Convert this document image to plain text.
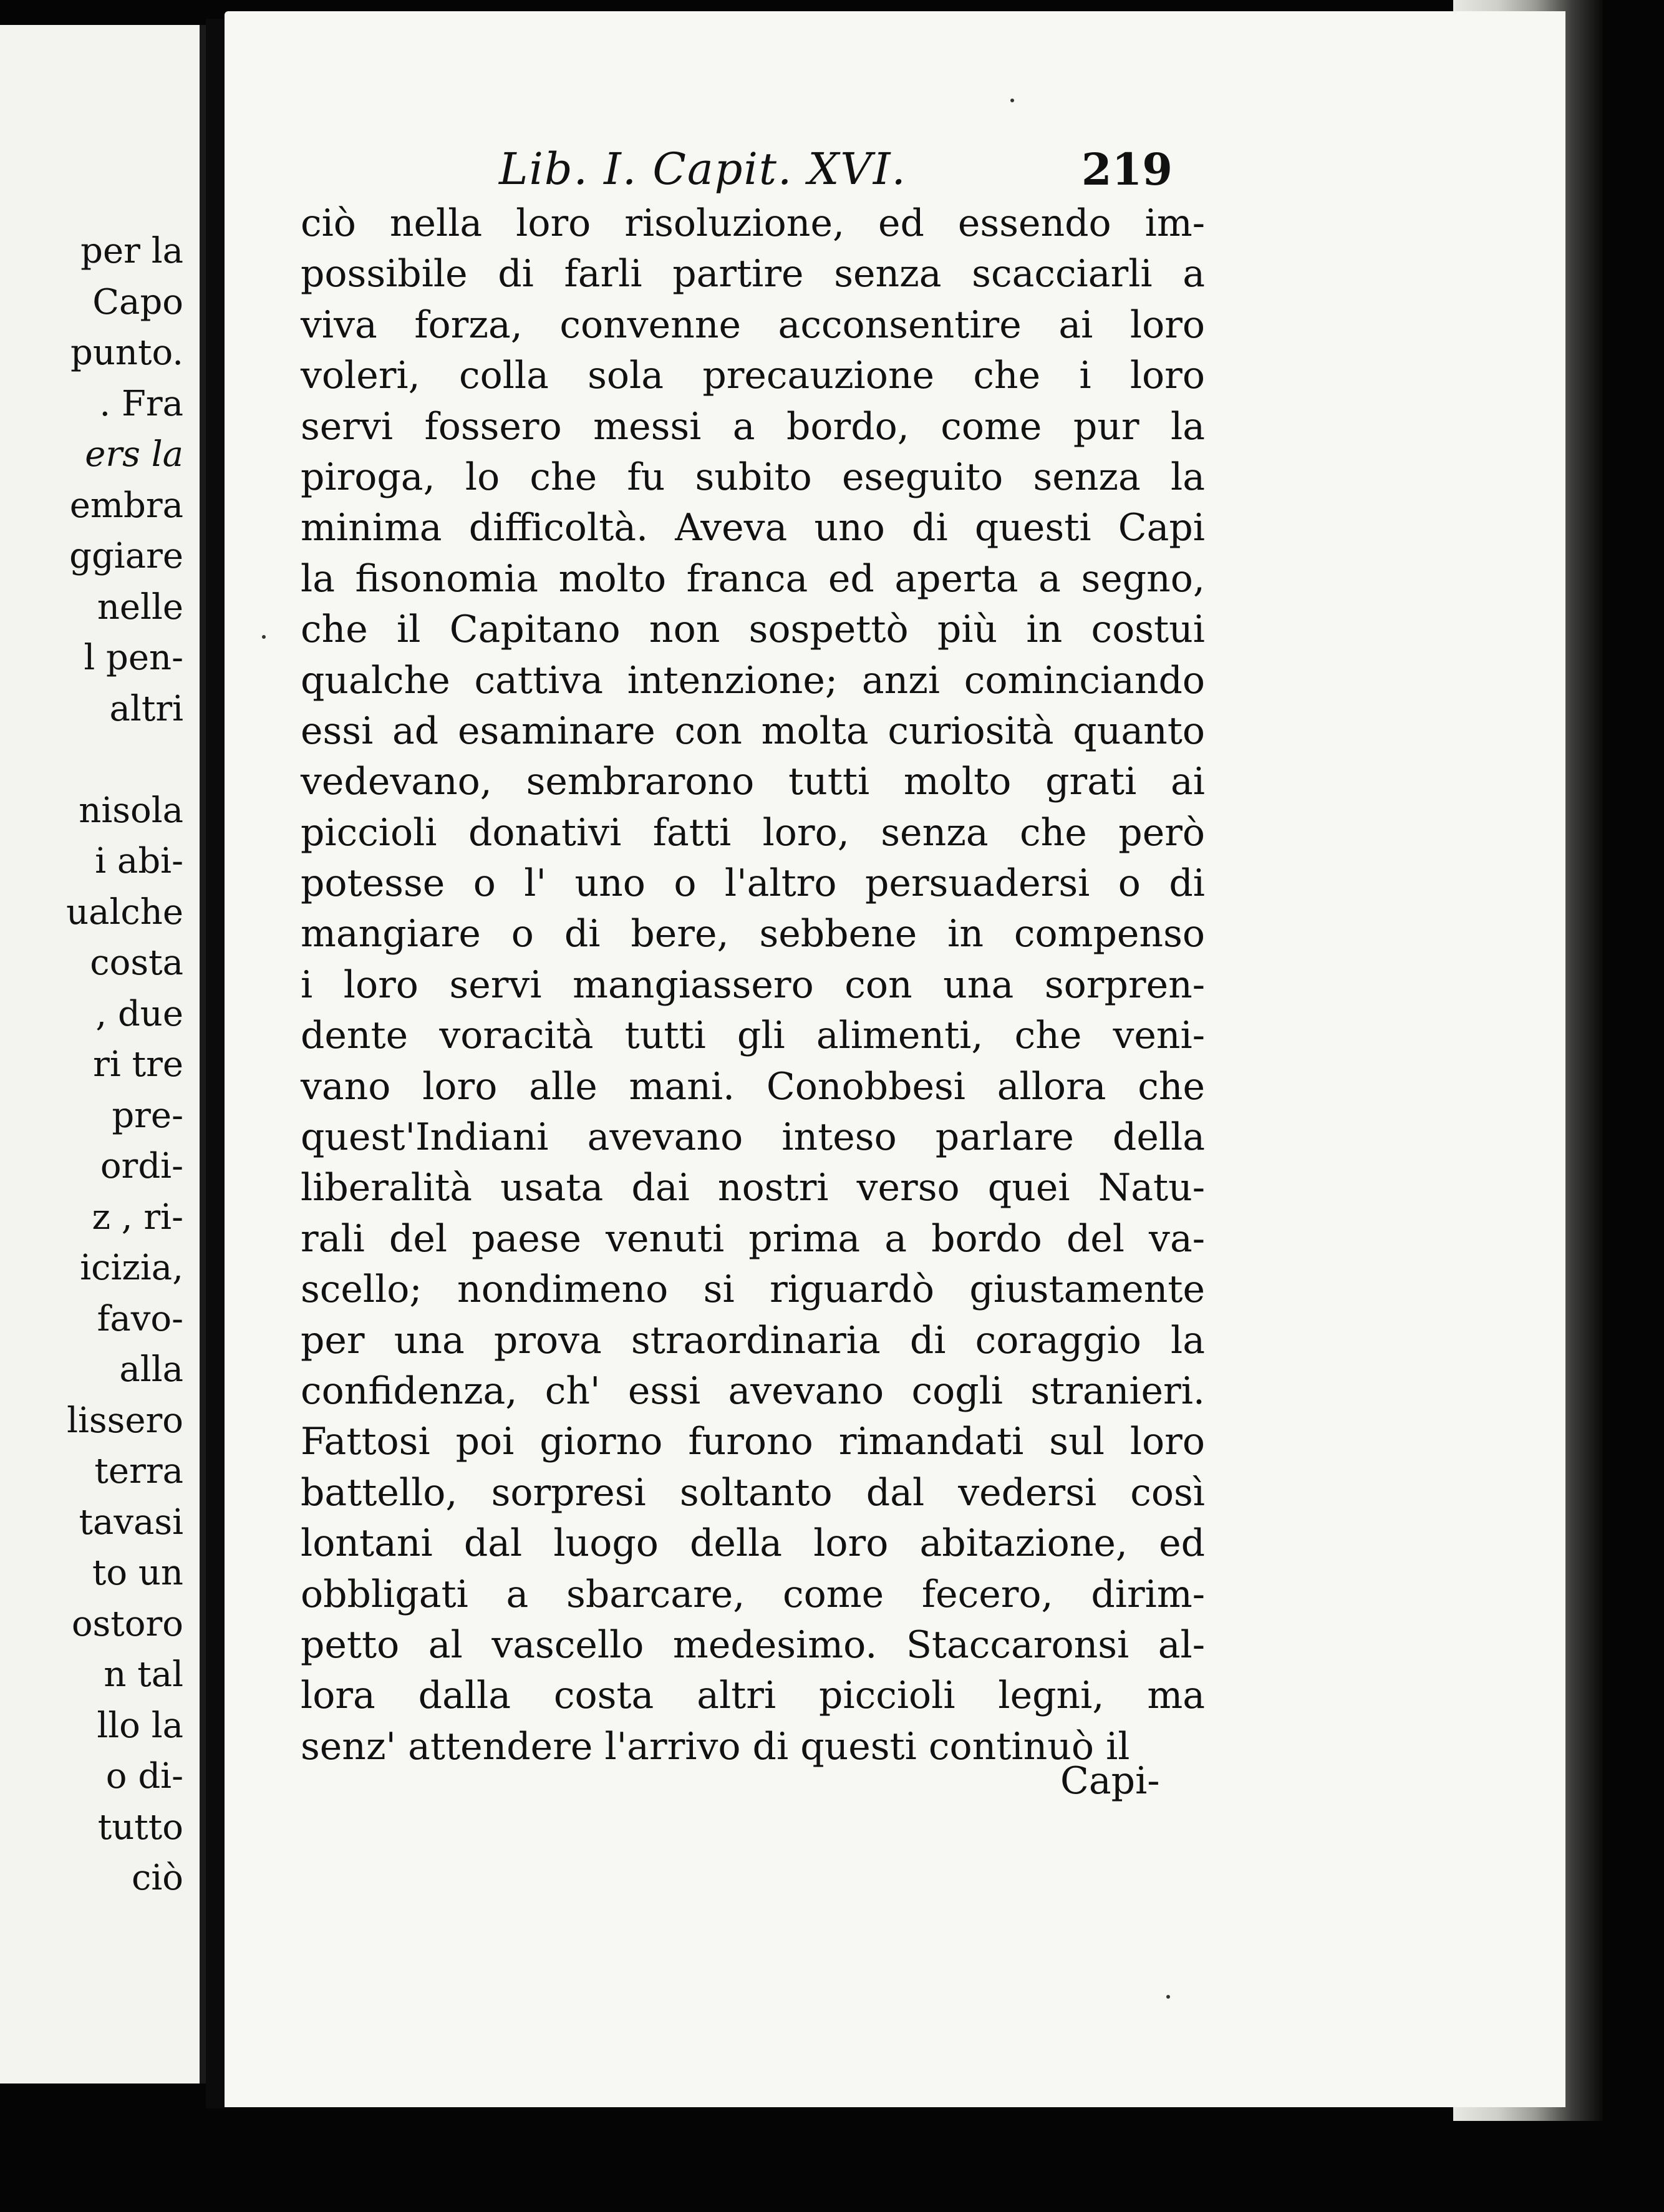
per la
Capo
punto.
. Fra
ers la
embra
ggiare
nelle
l pen-
altri
nisola
i abi-
ualche
costa
, due
ri tre
pre-
ordi-
z , ri-
icizia,
favo-
alla
lissero
terra
tavasi
to un
ostoro
n tal
llo la
o di-
tutto
ciò
Lib. I. Capit. XVI.	219
ciò nella loro risoluzione, ed essendo im-
possibile di farli partire senza scacciarli a
viva forza, convenne acconsentire ai loro
voleri, colla sola precauzione che i loro
servi fossero messi a bordo, come pur la
piroga, lo che fu subito eseguito senza la
minima difficoltà. Aveva uno di questi Capi
la fisonomia molto franca ed aperta a segno,
che il Capitano non sospettò più in costui
qualche cattiva intenzione; anzi cominciando
essi ad esaminare con molta curiosità quanto
vedevano, sembrarono tutti molto grati ai
piccioli donativi fatti loro, senza che però
potesse o l' uno o l'altro persuadersi o di
mangiare o di bere, sebbene in compenso
i loro servi mangiassero con una sorpren-
dente voracità tutti gli alimenti, che veni-
vano loro alle mani. Conobbesi allora che
quest'Indiani avevano inteso parlare della
liberalità usata dai nostri verso quei Natu-
rali del paese venuti prima a bordo del va-
scello; nondimeno si riguardò giustamente
per una prova straordinaria di coraggio la
confidenza, ch' essi avevano cogli stranieri.
Fattosi poi giorno furono rimandati sul loro
battello, sorpresi soltanto dal vedersi così
lontani dal luogo della loro abitazione, ed
obbligati a sbarcare, come fecero, dirim-
petto al vascello medesimo. Staccaronsi al-
lora dalla costa altri piccioli legni, ma
senz' attendere l'arrivo di questi continuò il
Capi-
